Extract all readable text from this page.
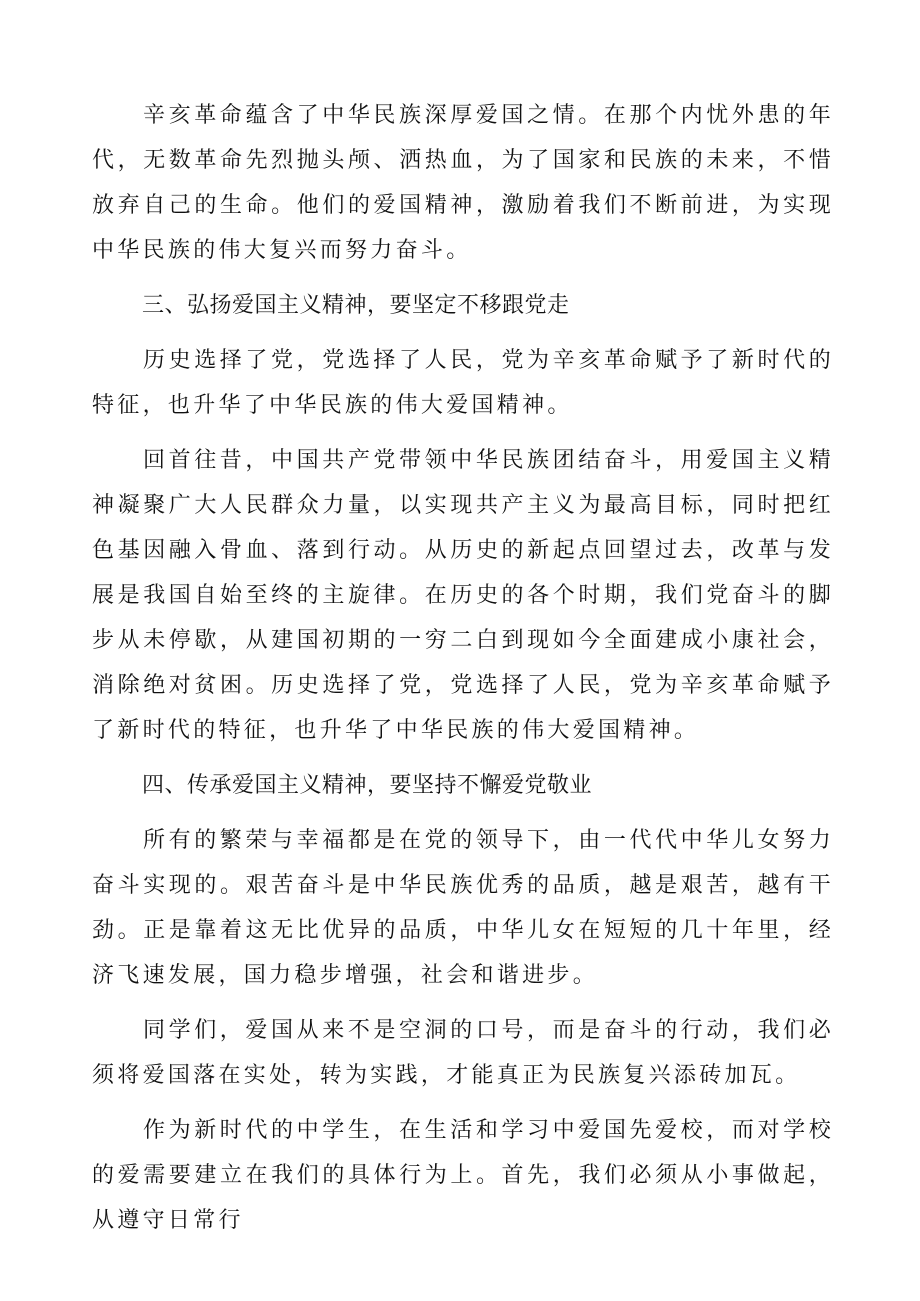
辛亥革命蕴含了中华民族深厚爱国之情。在那个内忧外患的年代，无数革命先烈抛头颅、洒热血，为了国家和民族的未来，不惜放弃自己的生命。他们的爱国精神，激励着我们不断前进，为实现中华民族的伟大复兴而努力奋斗。

三、弘扬爱国主义精神，要坚定不移跟党走

历史选择了党，党选择了人民，党为辛亥革命赋予了新时代的特征，也升华了中华民族的伟大爱国精神。

回首往昔，中国共产党带领中华民族团结奋斗，用爱国主义精神凝聚广大人民群众力量，以实现共产主义为最高目标，同时把红色基因融入骨血、落到行动。从历史的新起点回望过去，改革与发展是我国自始至终的主旋律。在历史的各个时期，我们党奋斗的脚步从未停歇，从建国初期的一穷二白到现如今全面建成小康社会，消除绝对贫困。历史选择了党，党选择了人民，党为辛亥革命赋予了新时代的特征，也升华了中华民族的伟大爱国精神。

四、传承爱国主义精神，要坚持不懈爱党敬业

所有的繁荣与幸福都是在党的领导下，由一代代中华儿女努力奋斗实现的。艰苦奋斗是中华民族优秀的品质，越是艰苦，越有干劲。正是靠着这无比优异的品质，中华儿女在短短的几十年里，经济飞速发展，国力稳步增强，社会和谐进步。

同学们，爱国从来不是空洞的口号，而是奋斗的行动，我们必须将爱国落在实处，转为实践，才能真正为民族复兴添砖加瓦。

作为新时代的中学生，在生活和学习中爱国先爱校，而对学校的爱需要建立在我们的具体行为上。首先，我们必须从小事做起，从遵守日常行
